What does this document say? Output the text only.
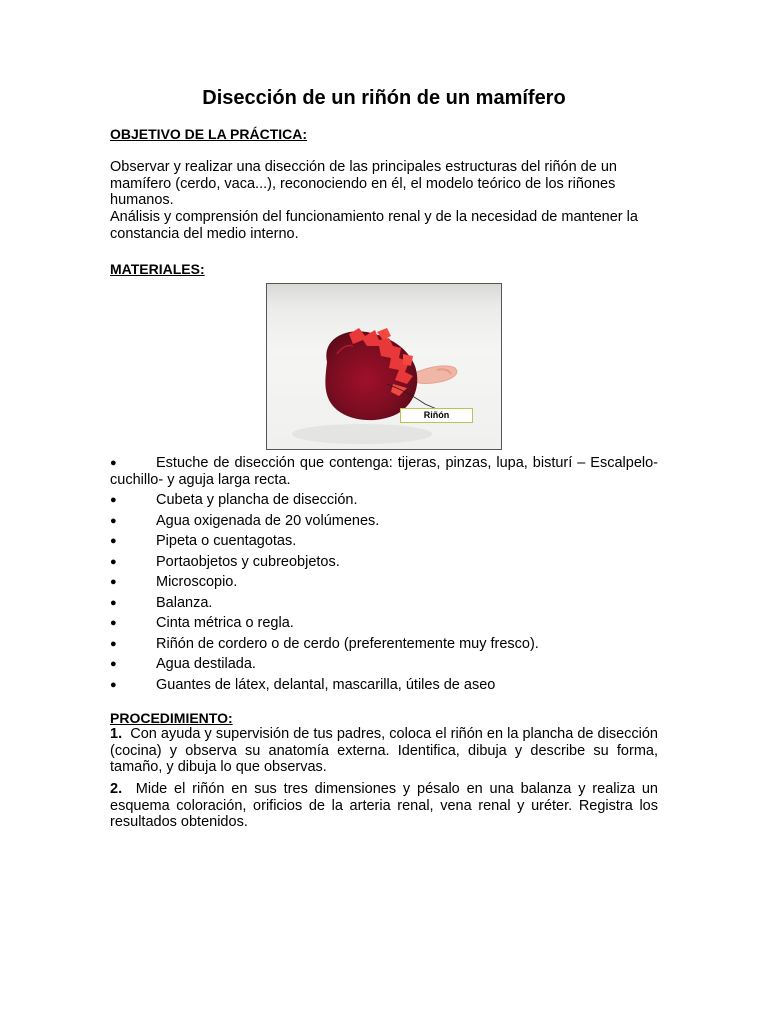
Disección de un riñón de un mamífero
OBJETIVO DE LA PRÁCTICA:

Observar y realizar una disección de las principales estructuras del riñón de un mamífero (cerdo, vaca...), reconociendo en él, el modelo teórico de los riñones humanos.

Análisis y comprensión del funcionamiento renal y de la necesidad de mantener la constancia del medio interno.

MATERIALES:
Riñón
●	Estuche de disección que contenga: tijeras, pinzas, lupa, bisturí – Escalpelo-cuchillo- y aguja larga recta.
●	Cubeta y plancha de disección.
●	Agua oxigenada de 20 volúmenes.
●	Pipeta o cuentagotas.
●	Portaobjetos y cubreobjetos.
●	Microscopio.
●	Balanza.
●	Cinta métrica o regla.
●	Riñón de cordero o de cerdo (preferentemente muy fresco).
●	Agua destilada.
●	Guantes de látex, delantal, mascarilla, útiles de aseo
PROCEDIMIENTO:

1. Con ayuda y supervisión de tus padres, coloca el riñón en la plancha de disección (cocina) y observa su anatomía externa. Identifica, dibuja y describe su forma, tamaño, y dibuja lo que observas.

2. Mide el riñón en sus tres dimensiones y pésalo en una balanza y realiza un esquema coloración, orificios de la arteria renal, vena renal y uréter. Registra los resultados obtenidos.
